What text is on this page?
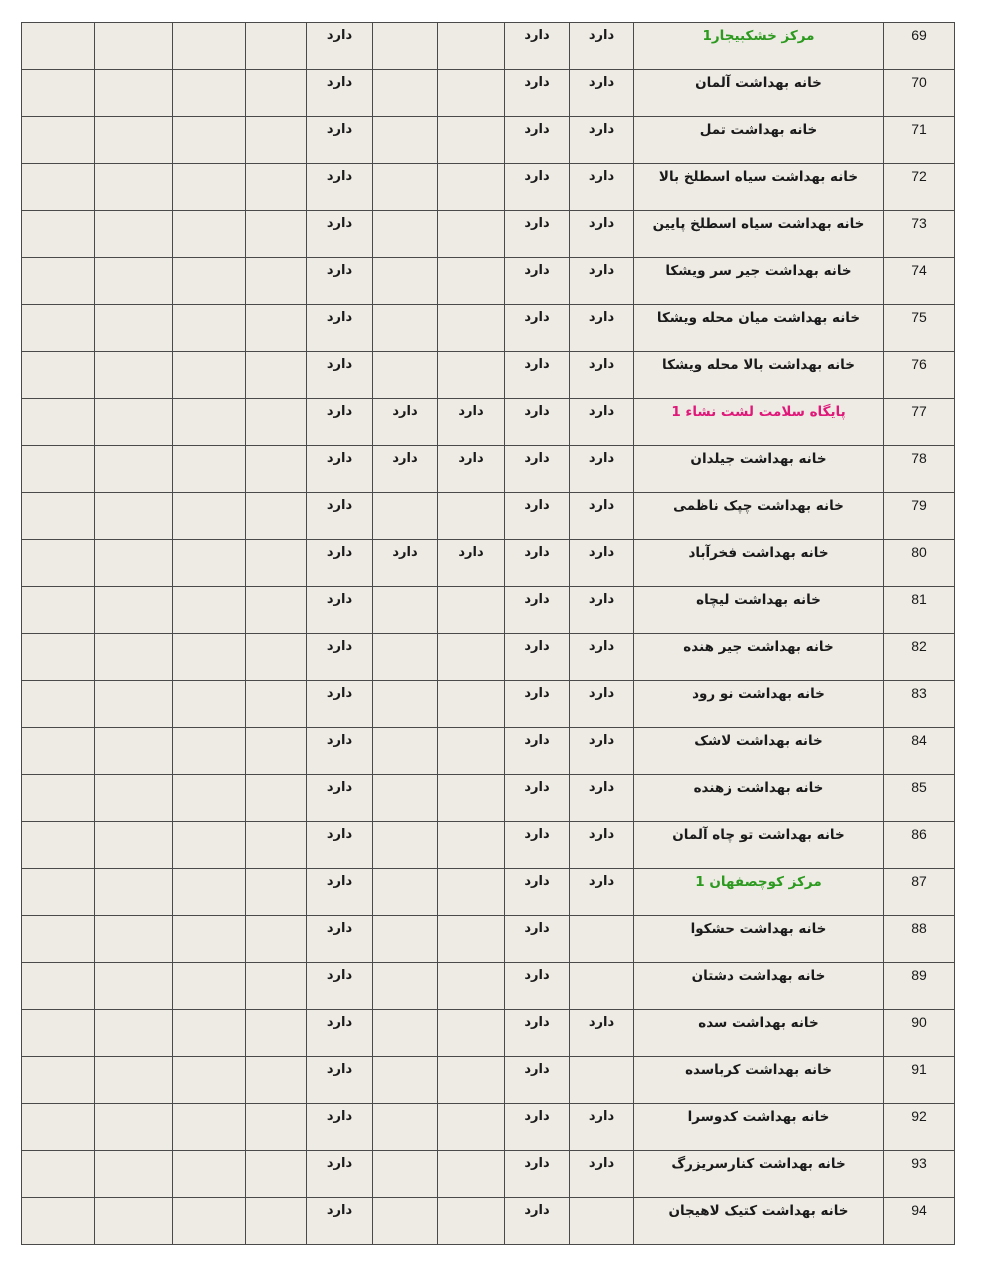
				دارد			دارد	دارد	مرکز خشکبیجار1	69

				دارد			دارد	دارد	خانه بهداشت آلمان	70

				دارد			دارد	دارد	خانه بهداشت تمل	71

				دارد			دارد	دارد	خانه بهداشت سیاه اسطلخ بالا	72

				دارد			دارد	دارد	خانه بهداشت سیاه اسطلخ پایین	73

				دارد			دارد	دارد	خانه بهداشت جیر سر ویشکا	74

				دارد			دارد	دارد	خانه بهداشت میان محله ویشکا	75

				دارد			دارد	دارد	خانه بهداشت بالا محله ویشکا	76

				دارد	دارد	دارد	دارد	دارد	پایگاه سلامت لشت نشاء 1	77

				دارد	دارد	دارد	دارد	دارد	خانه بهداشت جیلدان	78

				دارد			دارد	دارد	خانه بهداشت چپک ناظمی	79

				دارد	دارد	دارد	دارد	دارد	خانه بهداشت فخرآباد	80

				دارد			دارد	دارد	خانه بهداشت لیچاه	81

				دارد			دارد	دارد	خانه بهداشت جیر هنده	82

				دارد			دارد	دارد	خانه بهداشت نو رود	83

				دارد			دارد	دارد	خانه بهداشت لاشک	84

				دارد			دارد	دارد	خانه بهداشت زهنده	85

				دارد			دارد	دارد	خانه بهداشت تو چاه آلمان	86

				دارد			دارد	دارد	مرکز کوچصفهان 1	87

				دارد			دارد		خانه بهداشت حشکوا	88

				دارد			دارد		خانه بهداشت دشتان	89

				دارد			دارد	دارد	خانه بهداشت سده	90

				دارد			دارد		خانه بهداشت کرباسده	91

				دارد			دارد	دارد	خانه بهداشت کدوسرا	92

				دارد			دارد	دارد	خانه بهداشت کنارسریزرگ	93

				دارد			دارد		خانه بهداشت کتیک لاهیجان	94
